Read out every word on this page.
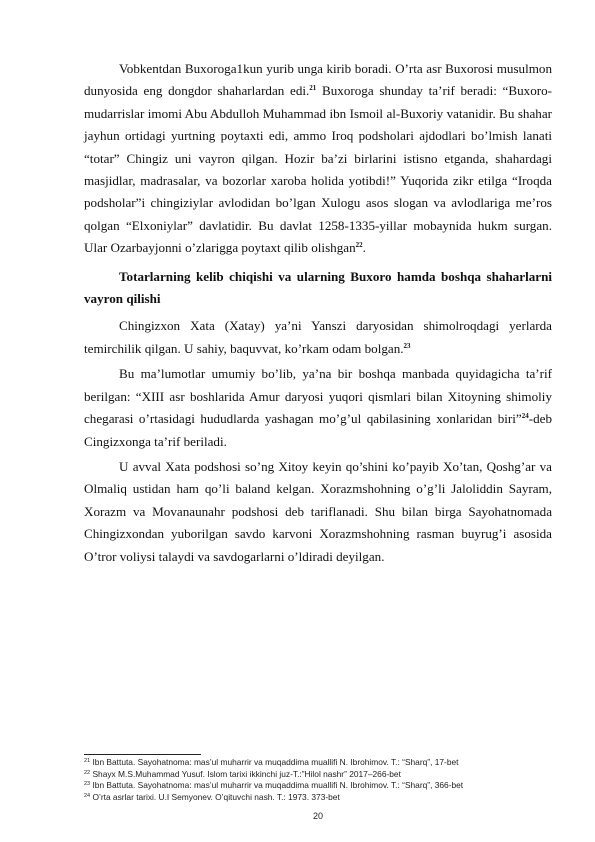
Vobkentdan Buxoroga1kun yurib unga kirib boradi. O’rta asr Buxorosi musulmon dunyosida eng dongdor shaharlardan edi.$^{21}$ Buxoroga shunday ta’rif beradi: “Buxoro-mudarrislar imomi Abu Abdulloh Muhammad ibn Ismoil al-Buxoriy vatanidir. Bu shahar jayhun ortidagi yurtning poytaxti edi, ammo Iroq podsholari ajdodlari bo’lmish lanati “totar” Chingiz uni vayron qilgan. Hozir ba’zi birlarini istisno etganda, shahardagi masjidlar, madrasalar, va bozorlar xaroba holida yotibdi!” Yuqorida zikr etilga “Iroqda podsholar”i chingiziylar avlodidan bo’lgan Xulogu asos slogan va avlodlariga me’ros qolgan “Elxoniylar” davlatidir. Bu davlat 1258-1335-yillar mobaynida hukm surgan. Ular Ozarbayjonni o’zlarigga poytaxt qilib olishgan$^{22}$.

Totarlarning kelib chiqishi va ularning Buxoro hamda boshqa shaharlarni vayron qilishi

Chingizxon Xata (Xatay) ya’ni Yanszi daryosidan shimolroqdagi yerlarda temirchilik qilgan. U sahiy, baquvvat, ko’rkam odam bolgan.$^{23}$

Bu ma’lumotlar umumiy bo’lib, ya’na bir boshqa manbada quyidagicha ta’rif berilgan: “XIII asr boshlarida Amur daryosi yuqori qismlari bilan Xitoyning shimoliy chegarasi o’rtasidagi hududlarda yashagan mo’g’ul qabilasining xonlaridan biri”$^{24}$-deb Cingizxonga ta’rif beriladi.

U avval Xata podshosi so’ng Xitoy keyin qo’shini ko’payib Xo’tan, Qoshg’ar va Olmaliq ustidan ham qo’li baland kelgan. Xorazmshohning o’g’li Jaloliddin Sayram, Xorazm va Movanaunahr podshosi deb tariflanadi. Shu bilan birga Sayohatnomada Chingizxondan yuborilgan savdo karvoni Xorazmshohning rasman buyrug’i asosida O’tror voliysi talaydi va savdogarlarni o’ldiradi deyilgan.

$^{21}$ Ibn Battuta. Sayohatnoma: mas’ul muharrir va muqaddima muallifi N. Ibrohimov. T.: “Sharq”, 17-bet

$^{22}$ Shayx M.S.Muhammad Yusuf. Islom tarixi ikkinchi juz-T.:”Hilol nashr” 2017–266-bet

$^{23}$ Ibn Battuta. Sayohatnoma: mas’ul muharrir va muqaddima muallifi N. Ibrohimov. T.: “Sharq”, 366-bet

$^{24}$ O’rta asrlar tarixi. U.I Semyonev. O’qituvchi nash. T.: 1973. 373-bet

20
